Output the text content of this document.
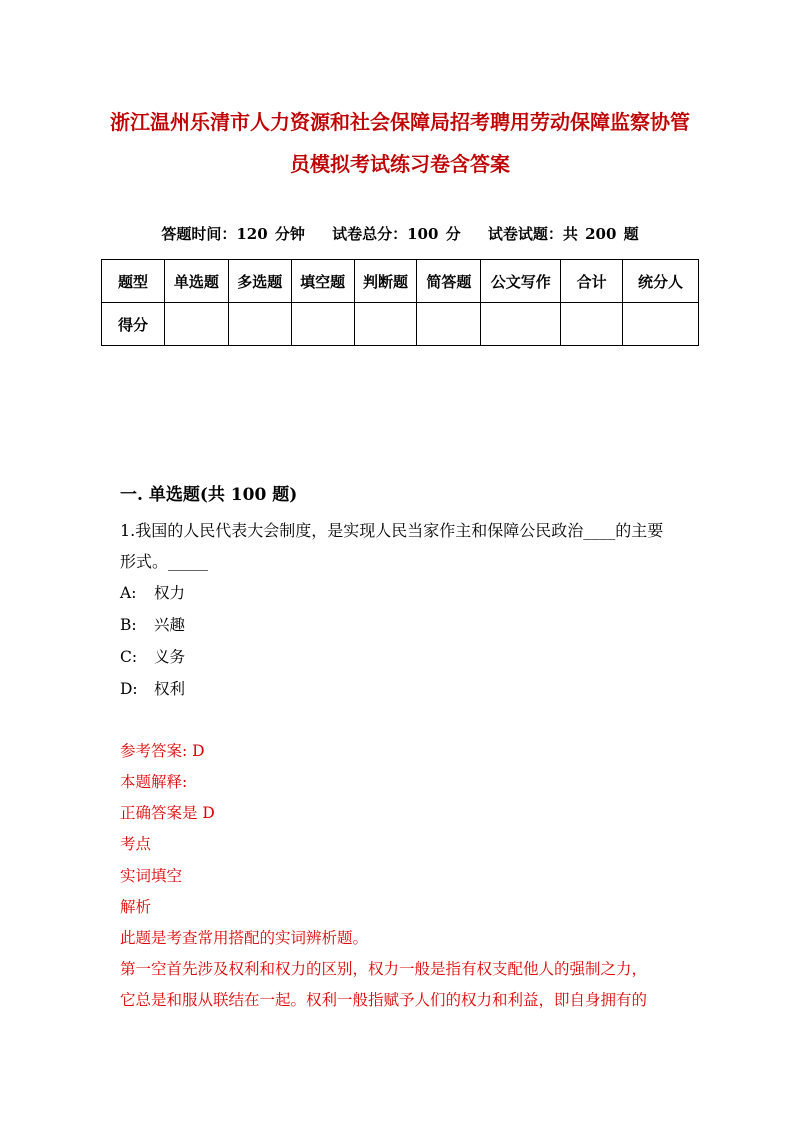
浙江温州乐清市人力资源和社会保障局招考聘用劳动保障监察协管
员模拟考试练习卷含答案
答题时间：120 分钟 试卷总分：100 分 试卷试题：共 200 题
题型	单选题	多选题	填空题	判断题	简答题	公文写作	合计	统分人
得分								
一. 单选题(共 100 题)
1.我国的人民代表大会制度，是实现人民当家作主和保障公民政治____的主要
形式。_____
A: 权力
B: 兴趣
C: 义务
D: 权利
参考答案: D
本题解释:
正确答案是 D
考点
实词填空
解析
此题是考查常用搭配的实词辨析题。
第一空首先涉及权利和权力的区别，权力一般是指有权支配他人的强制之力，
它总是和服从联结在一起。权利一般指赋予人们的权力和利益，即自身拥有的
